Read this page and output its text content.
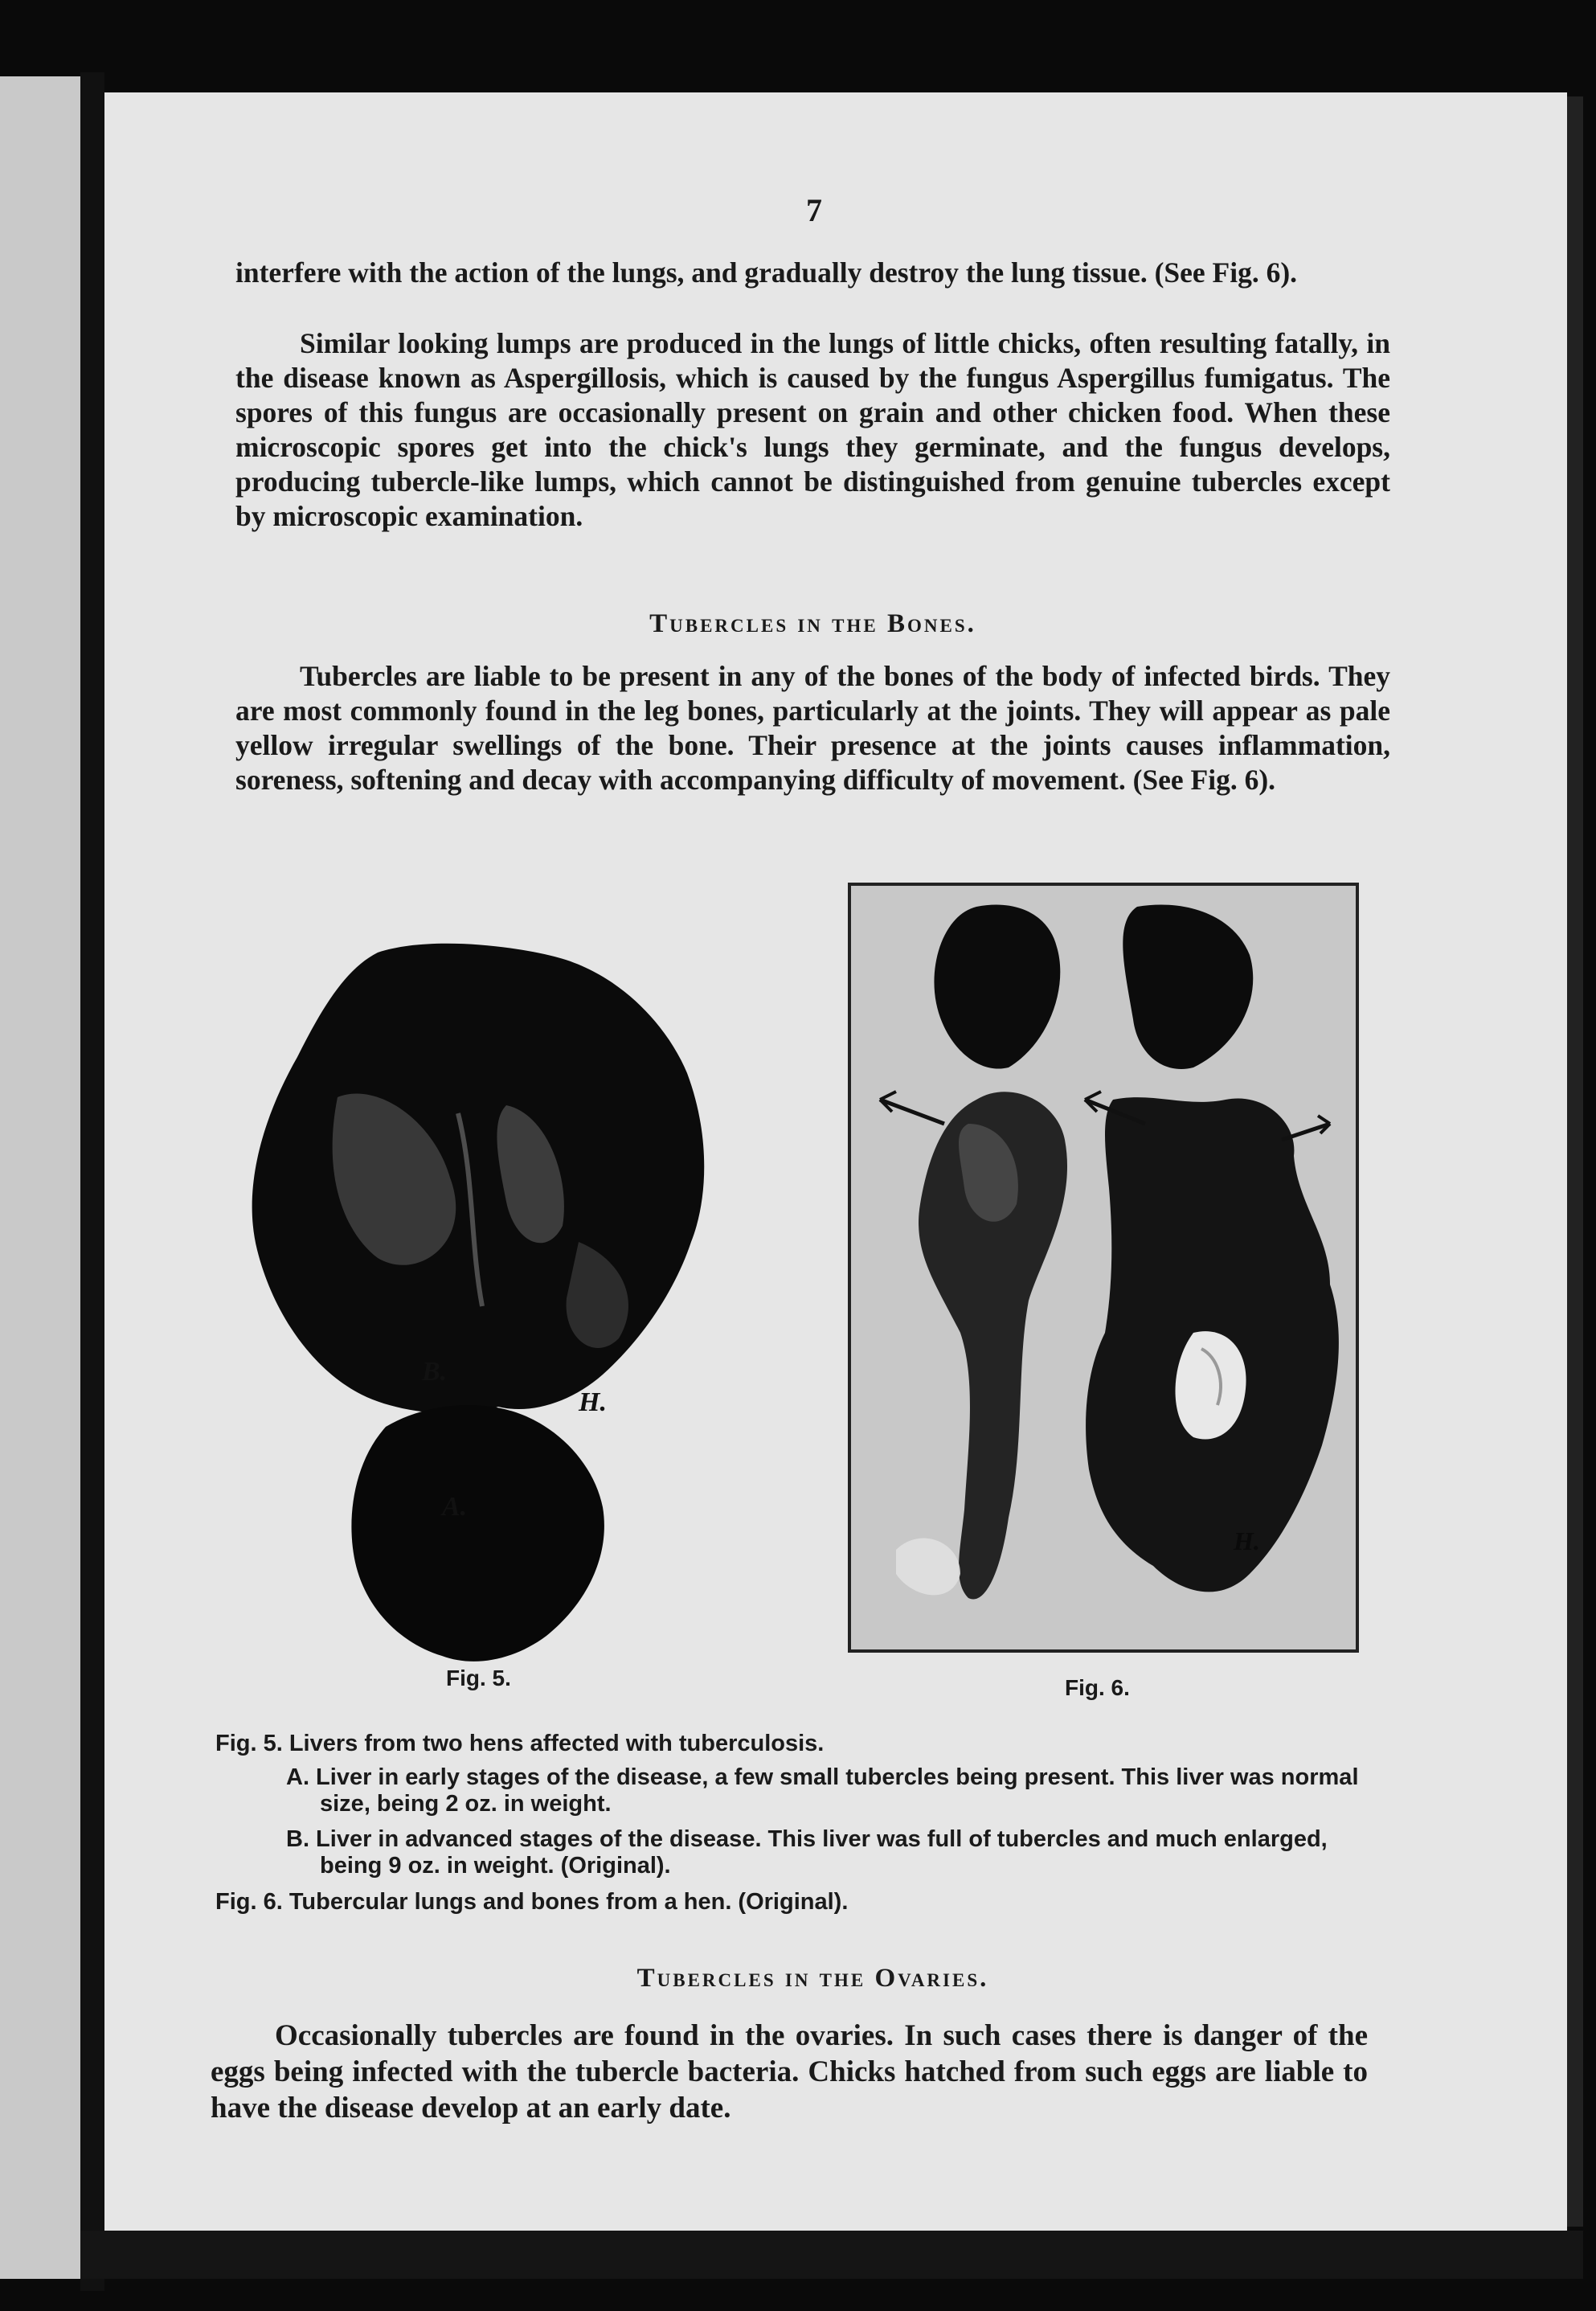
7

interfere with the action of the lungs, and gradually destroy the lung tissue. (See Fig. 6).

Similar looking lumps are produced in the lungs of little chicks, often resulting fatally, in the disease known as Aspergillosis, which is caused by the fungus Aspergillus fumigatus. The spores of this fungus are occasionally present on grain and other chicken food. When these microscopic spores get into the chick's lungs they germinate, and the fungus develops, producing tubercle-like lumps, which cannot be distinguished from genuine tubercles except by microscopic examination.

Tubercles in the Bones.

Tubercles are liable to be present in any of the bones of the body of infected birds. They are most commonly found in the leg bones, particularly at the joints. They will appear as pale yellow irregular swellings of the bone. Their presence at the joints causes inflammation, soreness, softening and decay with accompanying difficulty of movement. (See Fig. 6).

B.
H.
A.
Fig. 5.
H.
Fig. 6.

Fig. 5. Livers from two hens affected with tuberculosis.

A. Liver in early stages of the disease, a few small tubercles being present. This liver was normal size, being 2 oz. in weight.

B. Liver in advanced stages of the disease. This liver was full of tubercles and much enlarged, being 9 oz. in weight. (Original).

Fig. 6. Tubercular lungs and bones from a hen. (Original).

Tubercles in the Ovaries.

Occasionally tubercles are found in the ovaries. In such cases there is danger of the eggs being infected with the tubercle bacteria. Chicks hatched from such eggs are liable to have the disease develop at an early date.
